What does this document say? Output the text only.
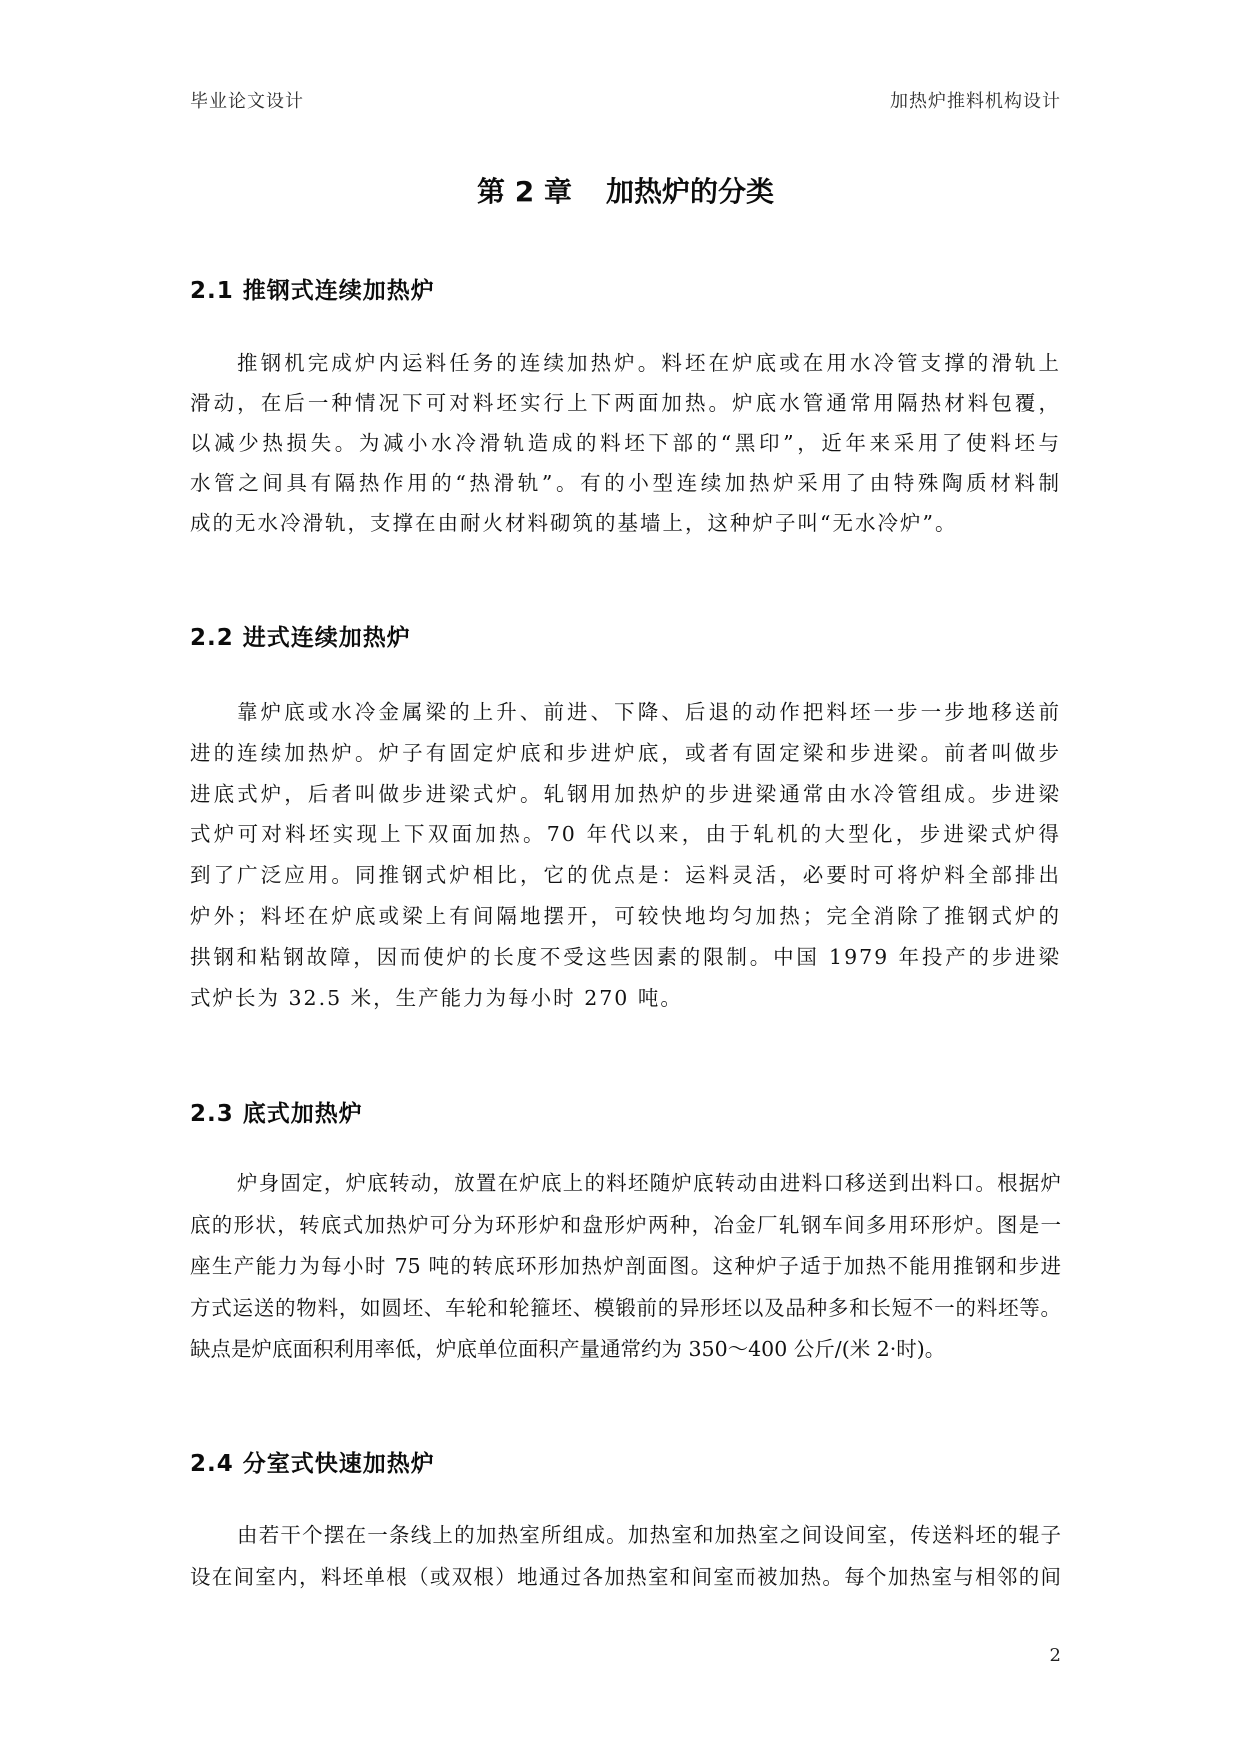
毕业论文设计	加热炉推料机构设计
第 2 章 加热炉的分类
2.1 推钢式连续加热炉
推钢机完成炉内运料任务的连续加热炉。料坯在炉底或在用水冷管支撑的滑轨上
滑动，在后一种情况下可对料坯实行上下两面加热。炉底水管通常用隔热材料包覆，
以减少热损失。为减小水冷滑轨造成的料坯下部的“黑印”，近年来采用了使料坯与
水管之间具有隔热作用的“热滑轨”。有的小型连续加热炉采用了由特殊陶质材料制
成的无水冷滑轨，支撑在由耐火材料砌筑的基墙上，这种炉子叫“无水冷炉”。
2.2 进式连续加热炉
靠炉底或水冷金属梁的上升、前进、下降、后退的动作把料坯一步一步地移送前
进的连续加热炉。炉子有固定炉底和步进炉底，或者有固定梁和步进梁。前者叫做步
进底式炉，后者叫做步进梁式炉。轧钢用加热炉的步进梁通常由水冷管组成。步进梁
式炉可对料坯实现上下双面加热。70 年代以来，由于轧机的大型化，步进梁式炉得
到了广泛应用。同推钢式炉相比，它的优点是：运料灵活，必要时可将炉料全部排出
炉外；料坯在炉底或梁上有间隔地摆开，可较快地均匀加热；完全消除了推钢式炉的
拱钢和粘钢故障，因而使炉的长度不受这些因素的限制。中国 1979 年投产的步进梁
式炉长为 32.5 米，生产能力为每小时 270 吨。
2.3 底式加热炉
炉身固定，炉底转动，放置在炉底上的料坯随炉底转动由进料口移送到出料口。根据炉
底的形状，转底式加热炉可分为环形炉和盘形炉两种，冶金厂轧钢车间多用环形炉。图是一
座生产能力为每小时 75 吨的转底环形加热炉剖面图。这种炉子适于加热不能用推钢和步进
方式运送的物料，如圆坯、车轮和轮箍坯、模锻前的异形坯以及品种多和长短不一的料坯等。
缺点是炉底面积利用率低，炉底单位面积产量通常约为 350～400 公斤/(米 2·时)。
2.4 分室式快速加热炉
由若干个摆在一条线上的加热室所组成。加热室和加热室之间设间室，传送料坯的辊子
设在间室内，料坯单根（或双根）地通过各加热室和间室而被加热。每个加热室与相邻的间
2
